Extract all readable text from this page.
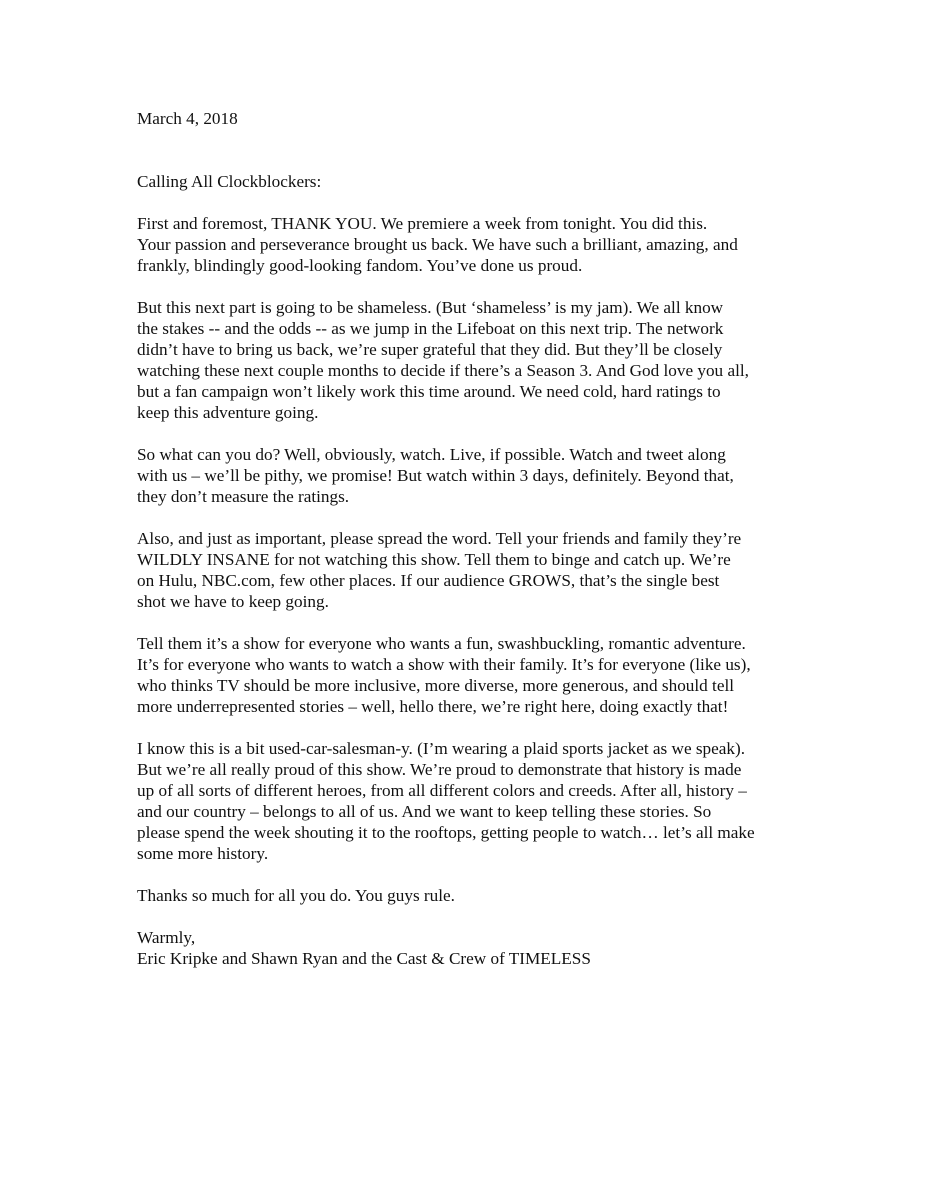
March 4, 2018
Calling All Clockblockers:
First and foremost, THANK YOU. We premiere a week from tonight. You did this.
Your passion and perseverance brought us back. We have such a brilliant, amazing, and
frankly, blindingly good-looking fandom. You’ve done us proud.
But this next part is going to be shameless. (But ‘shameless’ is my jam). We all know
the stakes -- and the odds -- as we jump in the Lifeboat on this next trip. The network
didn’t have to bring us back, we’re super grateful that they did. But they’ll be closely
watching these next couple months to decide if there’s a Season 3. And God love you all,
but a fan campaign won’t likely work this time around. We need cold, hard ratings to
keep this adventure going.
So what can you do? Well, obviously, watch. Live, if possible. Watch and tweet along
with us – we’ll be pithy, we promise! But watch within 3 days, definitely. Beyond that,
they don’t measure the ratings.
Also, and just as important, please spread the word. Tell your friends and family they’re
WILDLY INSANE for not watching this show. Tell them to binge and catch up. We’re
on Hulu, NBC.com, few other places. If our audience GROWS, that’s the single best
shot we have to keep going.
Tell them it’s a show for everyone who wants a fun, swashbuckling, romantic adventure.
It’s for everyone who wants to watch a show with their family. It’s for everyone (like us),
who thinks TV should be more inclusive, more diverse, more generous, and should tell
more underrepresented stories – well, hello there, we’re right here, doing exactly that!
I know this is a bit used-car-salesman-y. (I’m wearing a plaid sports jacket as we speak).
But we’re all really proud of this show. We’re proud to demonstrate that history is made
up of all sorts of different heroes, from all different colors and creeds. After all, history –
and our country – belongs to all of us. And we want to keep telling these stories. So
please spend the week shouting it to the rooftops, getting people to watch… let’s all make
some more history.
Thanks so much for all you do. You guys rule.
Warmly,
Eric Kripke and Shawn Ryan and the Cast & Crew of TIMELESS
